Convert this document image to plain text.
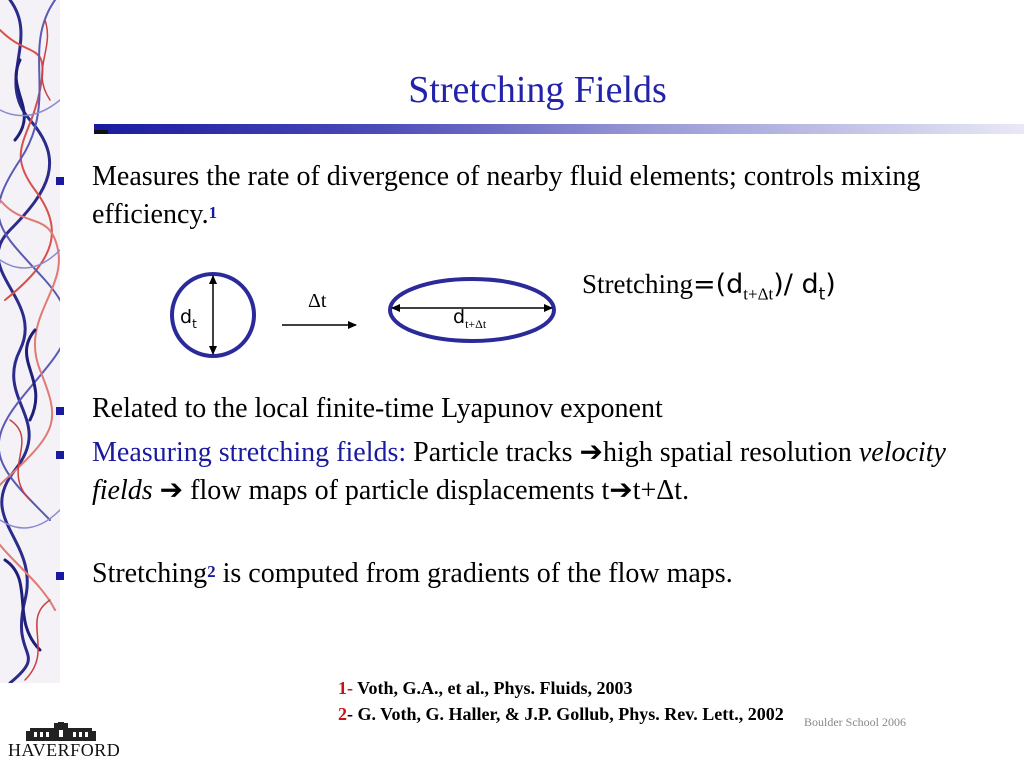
Stretching Fields
Measures the rate of divergence of nearby fluid elements; controls mixing efficiency.$^1$
$d_t$
Δt
$d_{t+\Delta t}$
$Stretching=(d_{t+\Delta t})/$ $d_t$)
Related to the local finite-time Lyapunov exponent
Measuring stretching fields: Particle tracks ➔high spatial resolution velocity fields ➔ flow maps of particle displacements t➔t+Δt.
Stretching$^2$ is computed from gradients of the flow maps.
1- Voth, G.A., et al., Phys. Fluids, 2003
2- G. Voth, G. Haller, & J.P. Gollub, Phys. Rev. Lett., 2002 Boulder School 2006
HAVERFORD
